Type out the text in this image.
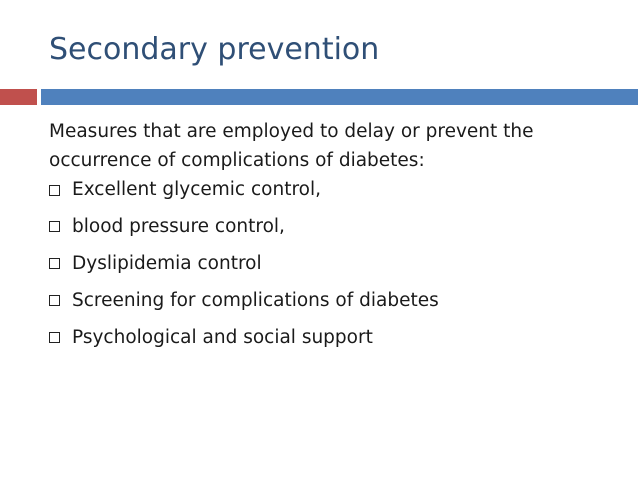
Secondary prevention

Measures that are employed to delay or prevent the occurrence of complications of diabetes:

Excellent glycemic control,
blood pressure control,
Dyslipidemia control
Screening for complications of diabetes
Psychological and social support
